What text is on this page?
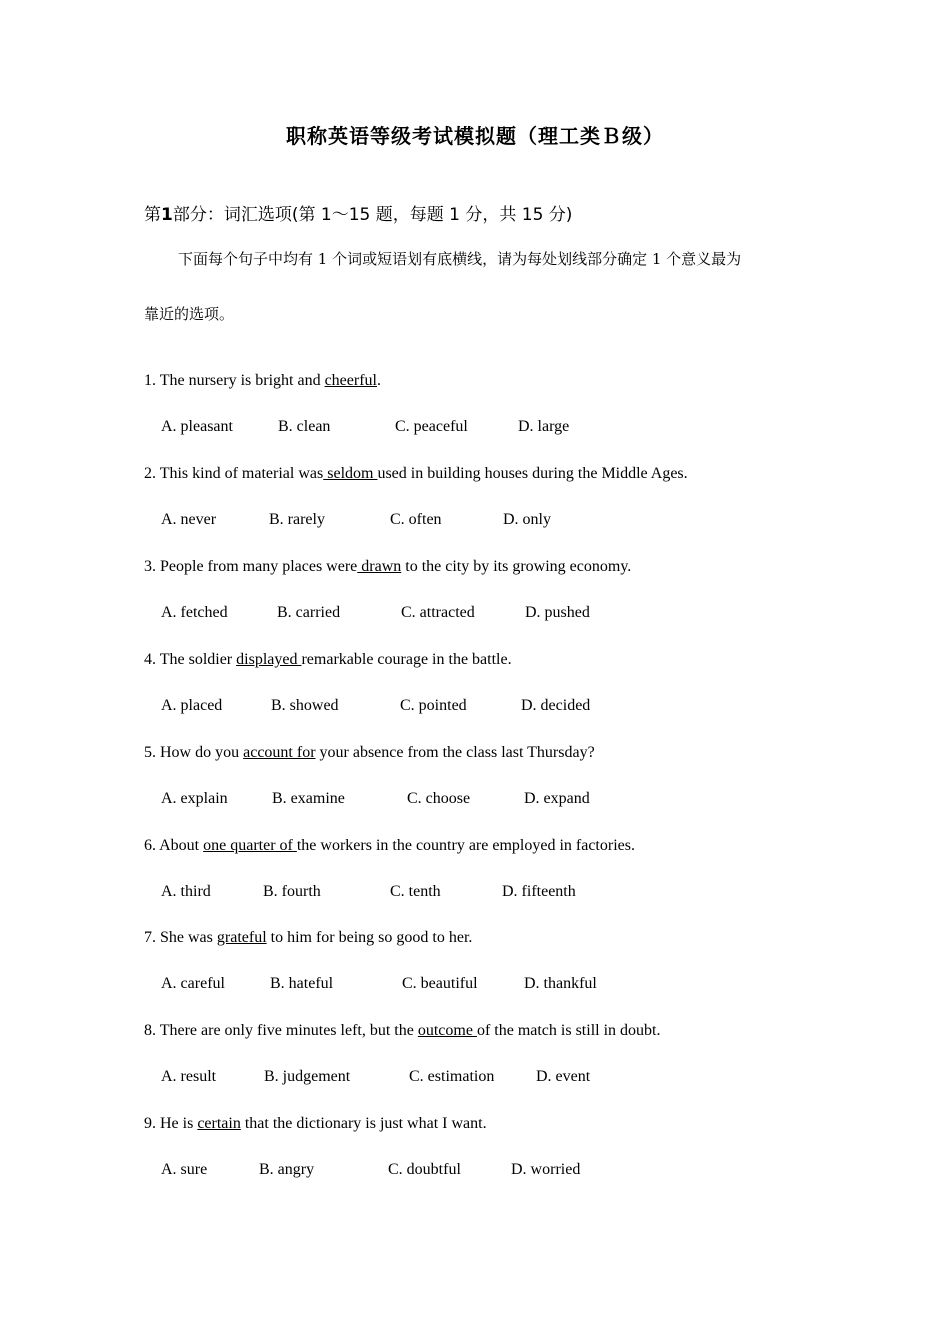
职称英语等级考试模拟题（理工类Ｂ级）
第1部分：词汇选项(第 1～15 题，每题 1 分，共 15 分)
下面每个句子中均有 1 个词或短语划有底横线，请为每处划线部分确定 1 个意义最为
靠近的选项。
1. The nursery is bright and cheerful.
A. pleasant	B. clean	C. peaceful	D. large
2. This kind of material was seldom used in building houses during the Middle Ages.
A. never	B. rarely	C. often	D. only
3. People from many places were drawn to the city by its growing economy.
A. fetched	B. carried	C. attracted	D. pushed
4. The soldier displayed remarkable courage in the battle.
A. placed	B. showed	C. pointed	D. decided
5. How do you account for your absence from the class last Thursday?
A. explain	B. examine	C. choose	D. expand
6. About one quarter of the workers in the country are employed in factories.
A. third	B. fourth	C. tenth	D. fifteenth
7. She was grateful to him for being so good to her.
A. careful	B. hateful	C. beautiful	D. thankful
8. There are only five minutes left, but the outcome of the match is still in doubt.
A. result	B. judgement	C. estimation	D. event
9. He is certain that the dictionary is just what I want.
A. sure	B. angry	C. doubtful	D. worried
